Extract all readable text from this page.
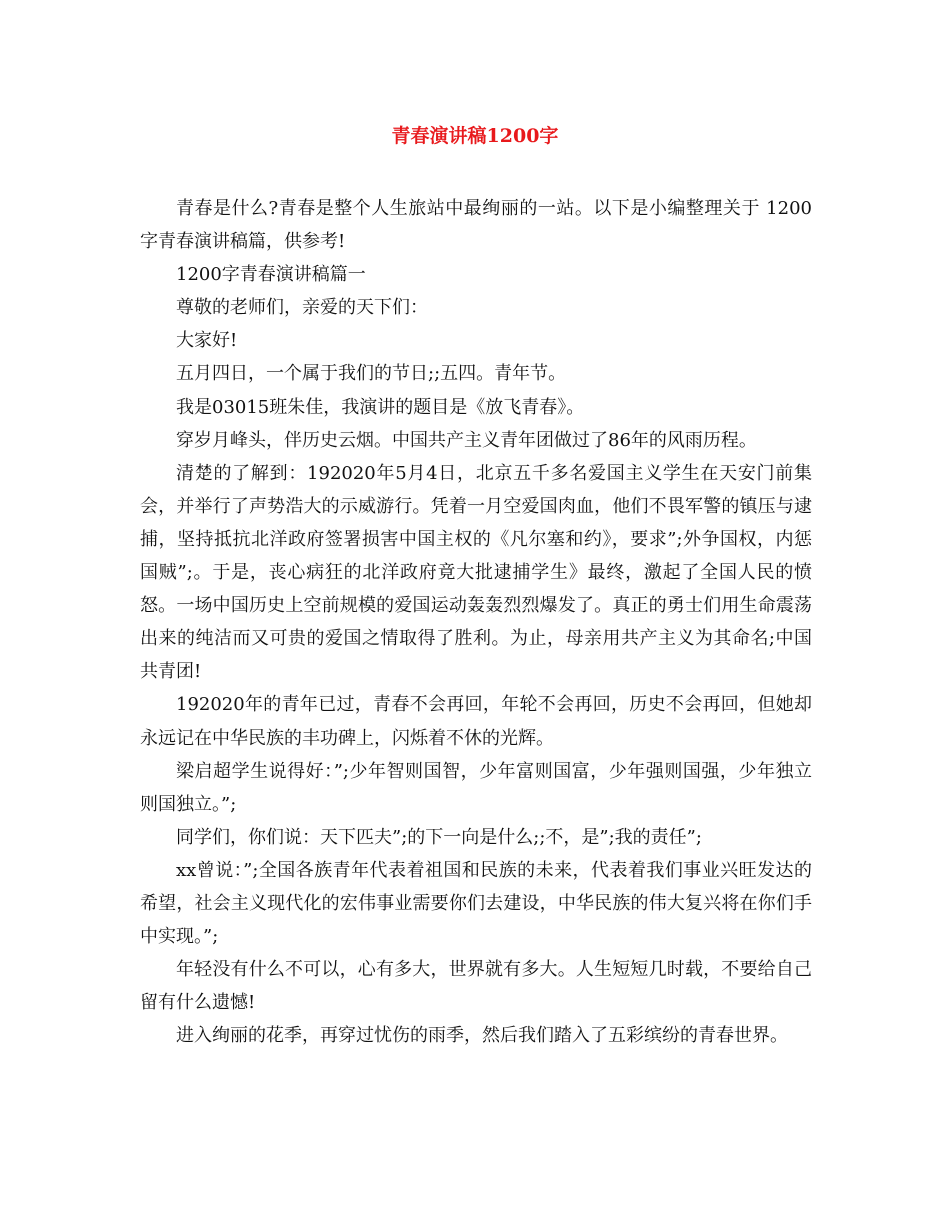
青春演讲稿1200字

青春是什么?青春是整个人生旅站中最绚丽的一站。以下是小编整理关于 1200 字青春演讲稿篇，供参考!

1200字青春演讲稿篇一

尊敬的老师们，亲爱的天下们：

大家好!

五月四日，一个属于我们的节日;;五四。青年节。

我是03015班朱佳，我演讲的题目是《放飞青春》。

穿岁月峰头，伴历史云烟。中国共产主义青年团做过了86年的风雨历程。

清楚的了解到：192020年5月4日，北京五千多名爱国主义学生在天安门前集会，并举行了声势浩大的示威游行。凭着一月空爱国肉血，他们不畏军警的镇压与逮捕，坚持抵抗北洋政府签署损害中国主权的《凡尔塞和约》，要求”;外争国权，内惩国贼”;。于是，丧心病狂的北洋政府竟大批逮捕学生》最终，激起了全国人民的愤怒。一场中国历史上空前规模的爱国运动轰轰烈烈爆发了。真正的勇士们用生命震荡出来的纯洁而又可贵的爱国之情取得了胜利。为止，母亲用共产主义为其命名;中国共青团!

192020年的青年已过，青春不会再回，年轮不会再回，历史不会再回，但她却永远记在中华民族的丰功碑上，闪烁着不休的光辉。

梁启超学生说得好：”;少年智则国智，少年富则国富，少年强则国强，少年独立则国独立。”;

同学们，你们说：天下匹夫”;的下一向是什么;;不，是”;我的责任”;

xx曾说：”;全国各族青年代表着祖国和民族的未来，代表着我们事业兴旺发达的希望，社会主义现代化的宏伟事业需要你们去建设，中华民族的伟大复兴将在你们手中实现。”;

年轻没有什么不可以，心有多大，世界就有多大。人生短短几时载，不要给自己留有什么遗憾!

进入绚丽的花季，再穿过忧伤的雨季，然后我们踏入了五彩缤纷的青春世界。
